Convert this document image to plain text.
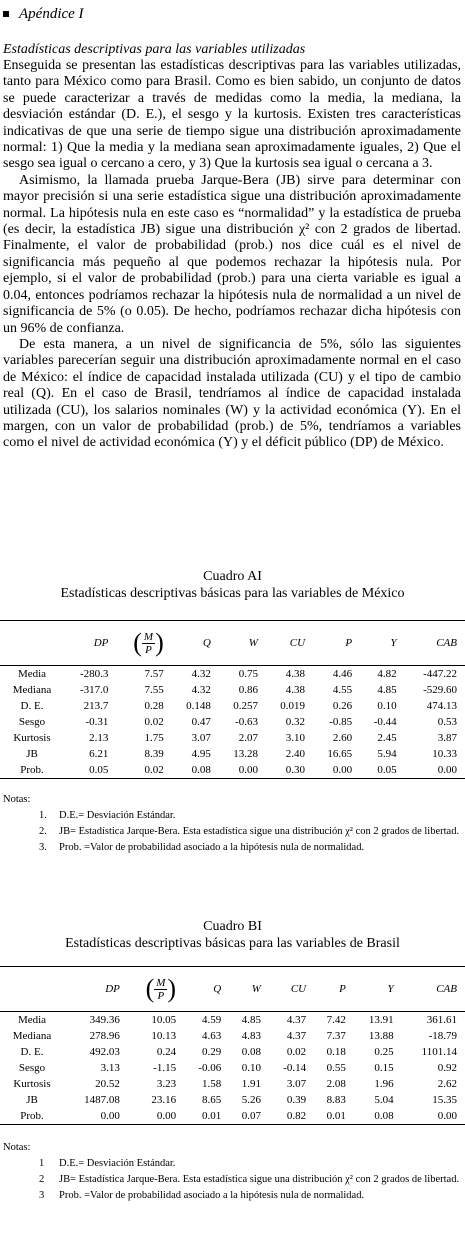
Apéndice I
Estadísticas descriptivas para las variables utilizadas

Enseguida se presentan las estadísticas descriptivas para las variables utilizadas, tanto para México como para Brasil. Como es bien sabido, un conjunto de datos se puede caracterizar a través de medidas como la media, la mediana, la desviación estándar (D. E.), el sesgo y la kurtosis. Existen tres características indicativas de que una serie de tiempo sigue una distribución aproximadamente normal: 1) Que la media y la mediana sean aproximadamente iguales, 2) Que el sesgo sea igual o cercano a cero, y 3) Que la kurtosis sea igual o cercana a 3.

Asimismo, la llamada prueba Jarque-Bera (JB) sirve para determinar con mayor precisión si una serie estadística sigue una distribución aproximadamente normal. La hipótesis nula en este caso es “normalidad” y la estadística de prueba (es decir, la estadística JB) sigue una distribución χ² con 2 grados de libertad. Finalmente, el valor de probabilidad (prob.) nos dice cuál es el nivel de significancia más pequeño al que podemos rechazar la hipótesis nula. Por ejemplo, si el valor de probabilidad (prob.) para una cierta variable es igual a 0.04, entonces podríamos rechazar la hipótesis nula de normalidad a un nivel de significancia de 5% (o 0.05). De hecho, podríamos rechazar dicha hipótesis con un 96% de confianza.

De esta manera, a un nivel de significancia de 5%, sólo las siguientes variables parecerían seguir una distribución aproximadamente normal en el caso de México: el índice de capacidad instalada utilizada (CU) y el tipo de cambio real (Q). En el caso de Brasil, tendríamos al índice de capacidad instalada utilizada (CU), los salarios nominales (W) y la actividad económica (Y). En el margen, con un valor de probabilidad (prob.) de 5%, tendríamos a variables como el nivel de actividad económica (Y) y el déficit público (DP) de México.

Cuadro AI
Estadísticas descriptivas básicas para las variables de México
	DP	( $\frac{M}{P}$ )	Q	W	CU	P	Y	CAB
Media	-280.3	7.57	4.32	0.75	4.38	4.46	4.82	-447.22
Mediana	-317.0	7.55	4.32	0.86	4.38	4.55	4.85	-529.60
D. E.	213.7	0.28	0.148	0.257	0.019	0.26	0.10	474.13
Sesgo	-0.31	0.02	0.47	-0.63	0.32	-0.85	-0.44	0.53
Kurtosis	2.13	1.75	3.07	2.07	3.10	2.60	2.45	3.87
JB	6.21	8.39	4.95	13.28	2.40	16.65	5.94	10.33
Prob.	0.05	0.02	0.08	0.00	0.30	0.00	0.05	0.00

Notas:

1. D.E.= Desviación Estándar.
2. JB= Estadística Jarque-Bera. Esta estadística sigue una distribución χ² con 2 grados de libertad.
3. Prob. =Valor de probabilidad asociado a la hipótesis nula de normalidad.
Cuadro BI
Estadísticas descriptivas básicas para las variables de Brasil
	DP	( $\frac{M}{P}$ )	Q	W	CU	P	Y	CAB
Media	349.36	10.05	4.59	4.85	4.37	7.42	13.91	361.61
Mediana	278.96	10.13	4.63	4.83	4.37	7.37	13.88	-18.79
D. E.	492.03	0.24	0.29	0.08	0.02	0.18	0.25	1101.14
Sesgo	3.13	-1.15	-0.06	0.10	-0.14	0.55	0.15	0.92
Kurtosis	20.52	3.23	1.58	1.91	3.07	2.08	1.96	2.62
JB	1487.08	23.16	8.65	5.26	0.39	8.83	5.04	15.35
Prob.	0.00	0.00	0.01	0.07	0.82	0.01	0.08	0.00

Notas:

1 D.E.= Desviación Estándar.
2 JB= Estadística Jarque-Bera. Esta estadística sigue una distribución χ² con 2 grados de libertad.
3 Prob. =Valor de probabilidad asociado a la hipótesis nula de normalidad.
